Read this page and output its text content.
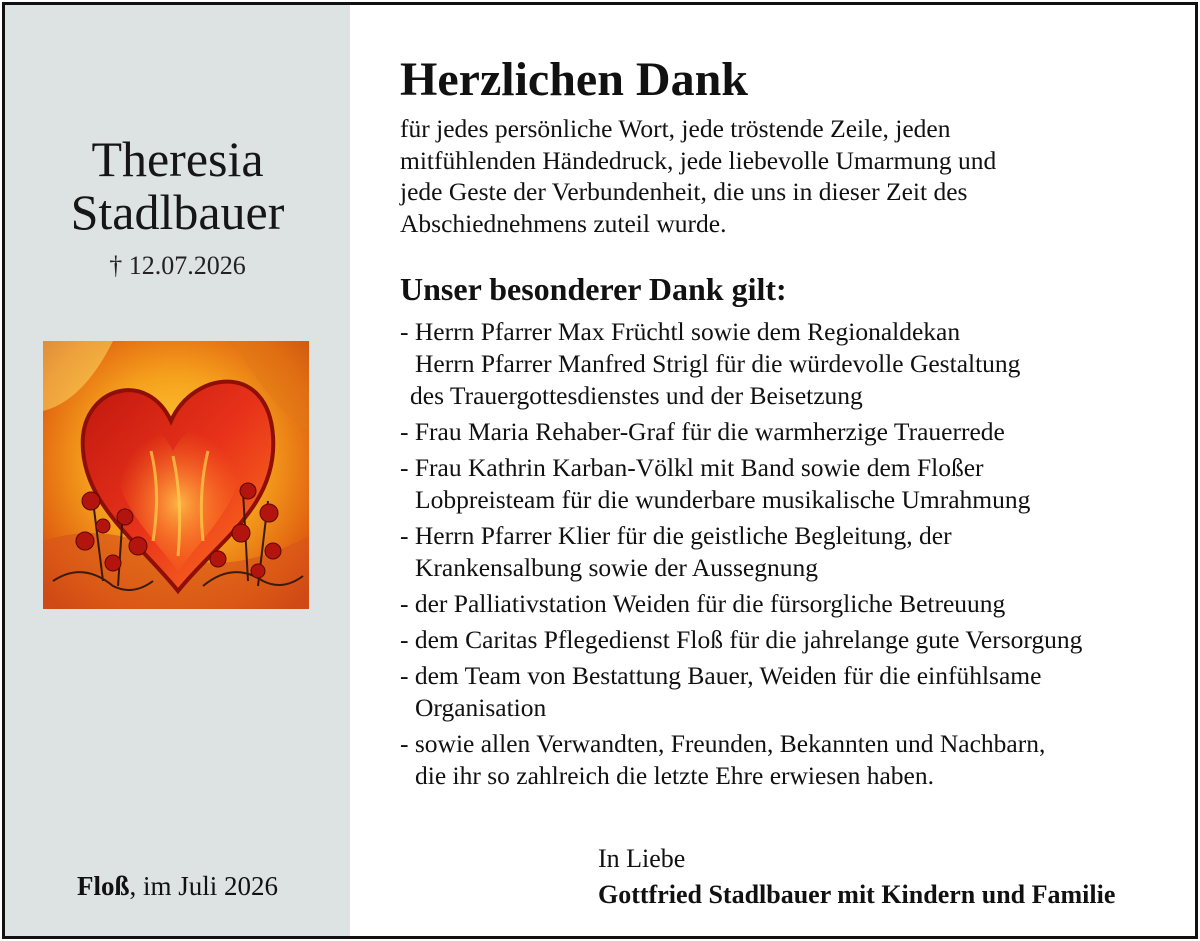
Theresia
Stadlbauer
† 12.07.2026
Floß, im Juli 2026
Herzlichen Dank
für jedes persönliche Wort, jede tröstende Zeile, jeden
mitfühlenden Händedruck, jede liebevolle Umarmung und
jede Geste der Verbundenheit, die uns in dieser Zeit des
Abschiednehmens zuteil wurde.
Unser besonderer Dank gilt:
- Herrn Pfarrer Max Früchtl sowie dem Regionaldekan
Herrn Pfarrer Manfred Strigl für die würdevolle Gestaltung
des Trauergottesdienstes und der Beisetzung
- Frau Maria Rehaber-Graf für die warmherzige Trauerrede
- Frau Kathrin Karban-Völkl mit Band sowie dem Floßer
Lobpreisteam für die wunderbare musikalische Umrahmung
- Herrn Pfarrer Klier für die geistliche Begleitung, der
Krankensalbung sowie der Aussegnung
- der Palliativstation Weiden für die fürsorgliche Betreuung
- dem Caritas Pflegedienst Floß für die jahrelange gute Versorgung
- dem Team von Bestattung Bauer, Weiden für die einfühlsame
Organisation
- sowie allen Verwandten, Freunden, Bekannten und Nachbarn,
die ihr so zahlreich die letzte Ehre erwiesen haben.
In Liebe
Gottfried Stadlbauer mit Kindern und Familie
